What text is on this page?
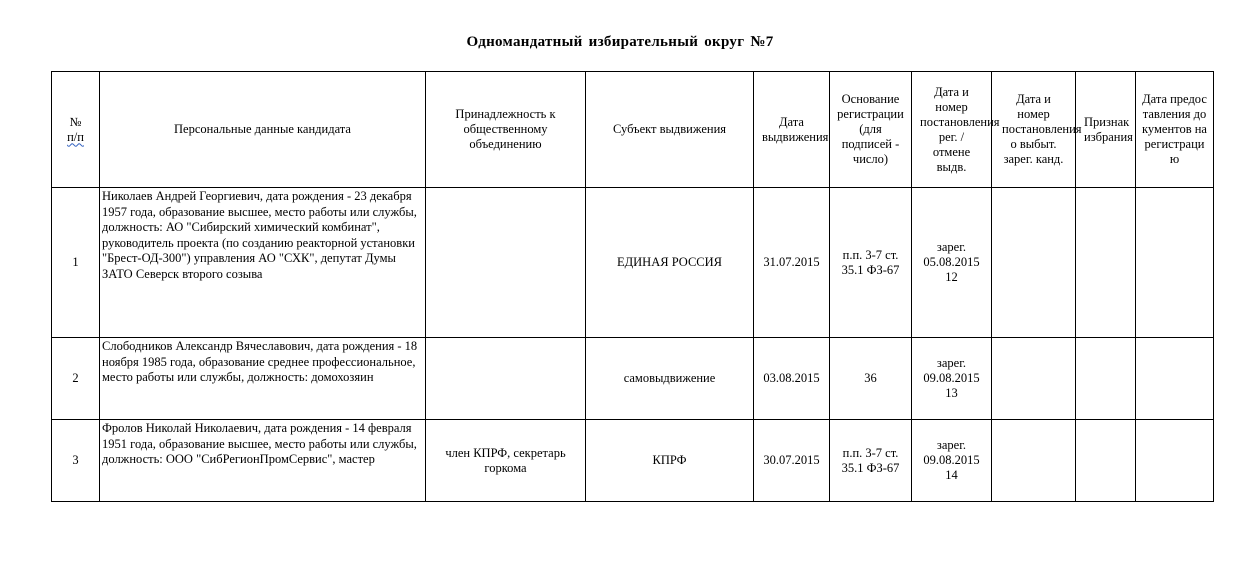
Одномандатный избирательный округ №7
№
п/п	Персональные данные кандидата	Принадлежность к общественному объединению	Субъект выдвижения	Дата выдвижения	Основание регистрации (для подписей - число)	Дата и номер постановления рег. / отмене выдв.	Дата и номер постановления о выбыт. зарег. канд.	Признак избрания	Дата предоставления документов на регистрацию
1	Николаев Андрей Георгиевич, дата рождения - 23 декабря 1957 года, образование высшее, место работы или службы, должность: АО "Сибирский химический комбинат", руководитель проекта (по созданию реакторной установки "Брест-ОД-300") управления АО "СХК", депутат Думы ЗАТО Северск второго созыва		ЕДИНАЯ РОССИЯ	31.07.2015	п.п. 3-7 ст. 35.1 ФЗ-67	зарег. 05.08.2015 12			
2	Слободников Александр Вячеславович, дата рождения - 18 ноября 1985 года, образование среднее профессиональное, место работы или службы, должность: домохозяин		самовыдвижение	03.08.2015	36	зарег. 09.08.2015 13			
3	Фролов Николай Николаевич, дата рождения - 14 февраля 1951 года, образование высшее, место работы или службы, должность: ООО "СибРегионПромСервис", мастер	член КПРФ, секретарь горкома	КПРФ	30.07.2015	п.п. 3-7 ст. 35.1 ФЗ-67	зарег. 09.08.2015 14			
